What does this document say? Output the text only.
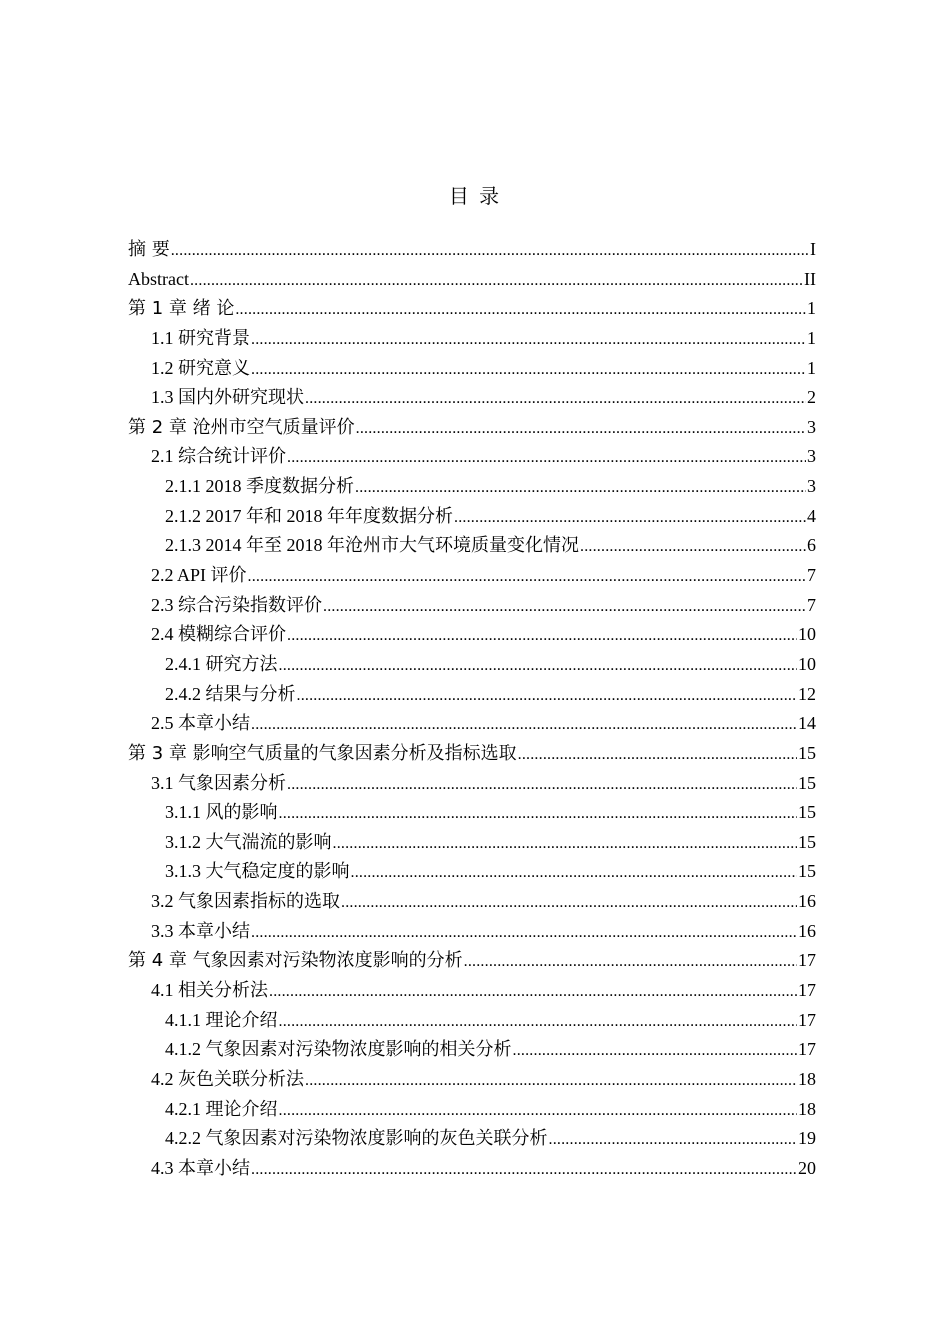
目 录
摘 要 .....	I
Abstract .....	II
第 1 章 绪 论 .....	1
1.1 研究背景 .....	1
1.2 研究意义 .....	1
1.3 国内外研究现状 .....	2
第 2 章 沧州市空气质量评价 .....	3
2.1 综合统计评价 .....	3
2.1.1 2018 季度数据分析 .....	3
2.1.2 2017 年和 2018 年年度数据分析 .....	4
2.1.3 2014 年至 2018 年沧州市大气环境质量变化情况 .....	6
2.2 API 评价 .....	7
2.3 综合污染指数评价 .....	7
2.4 模糊综合评价 .....	10
2.4.1 研究方法 .....	10
2.4.2 结果与分析 .....	12
2.5 本章小结 .....	14
第 3 章 影响空气质量的气象因素分析及指标选取 .....	15
3.1 气象因素分析 .....	15
3.1.1 风的影响 .....	15
3.1.2 大气湍流的影响 .....	15
3.1.3 大气稳定度的影响 .....	15
3.2 气象因素指标的选取 .....	16
3.3 本章小结 .....	16
第 4 章 气象因素对污染物浓度影响的分析 .....	17
4.1 相关分析法 .....	17
4.1.1 理论介绍 .....	17
4.1.2 气象因素对污染物浓度影响的相关分析 .....	17
4.2 灰色关联分析法 .....	18
4.2.1 理论介绍 .....	18
4.2.2 气象因素对污染物浓度影响的灰色关联分析 .....	19
4.3 本章小结 .....	20
